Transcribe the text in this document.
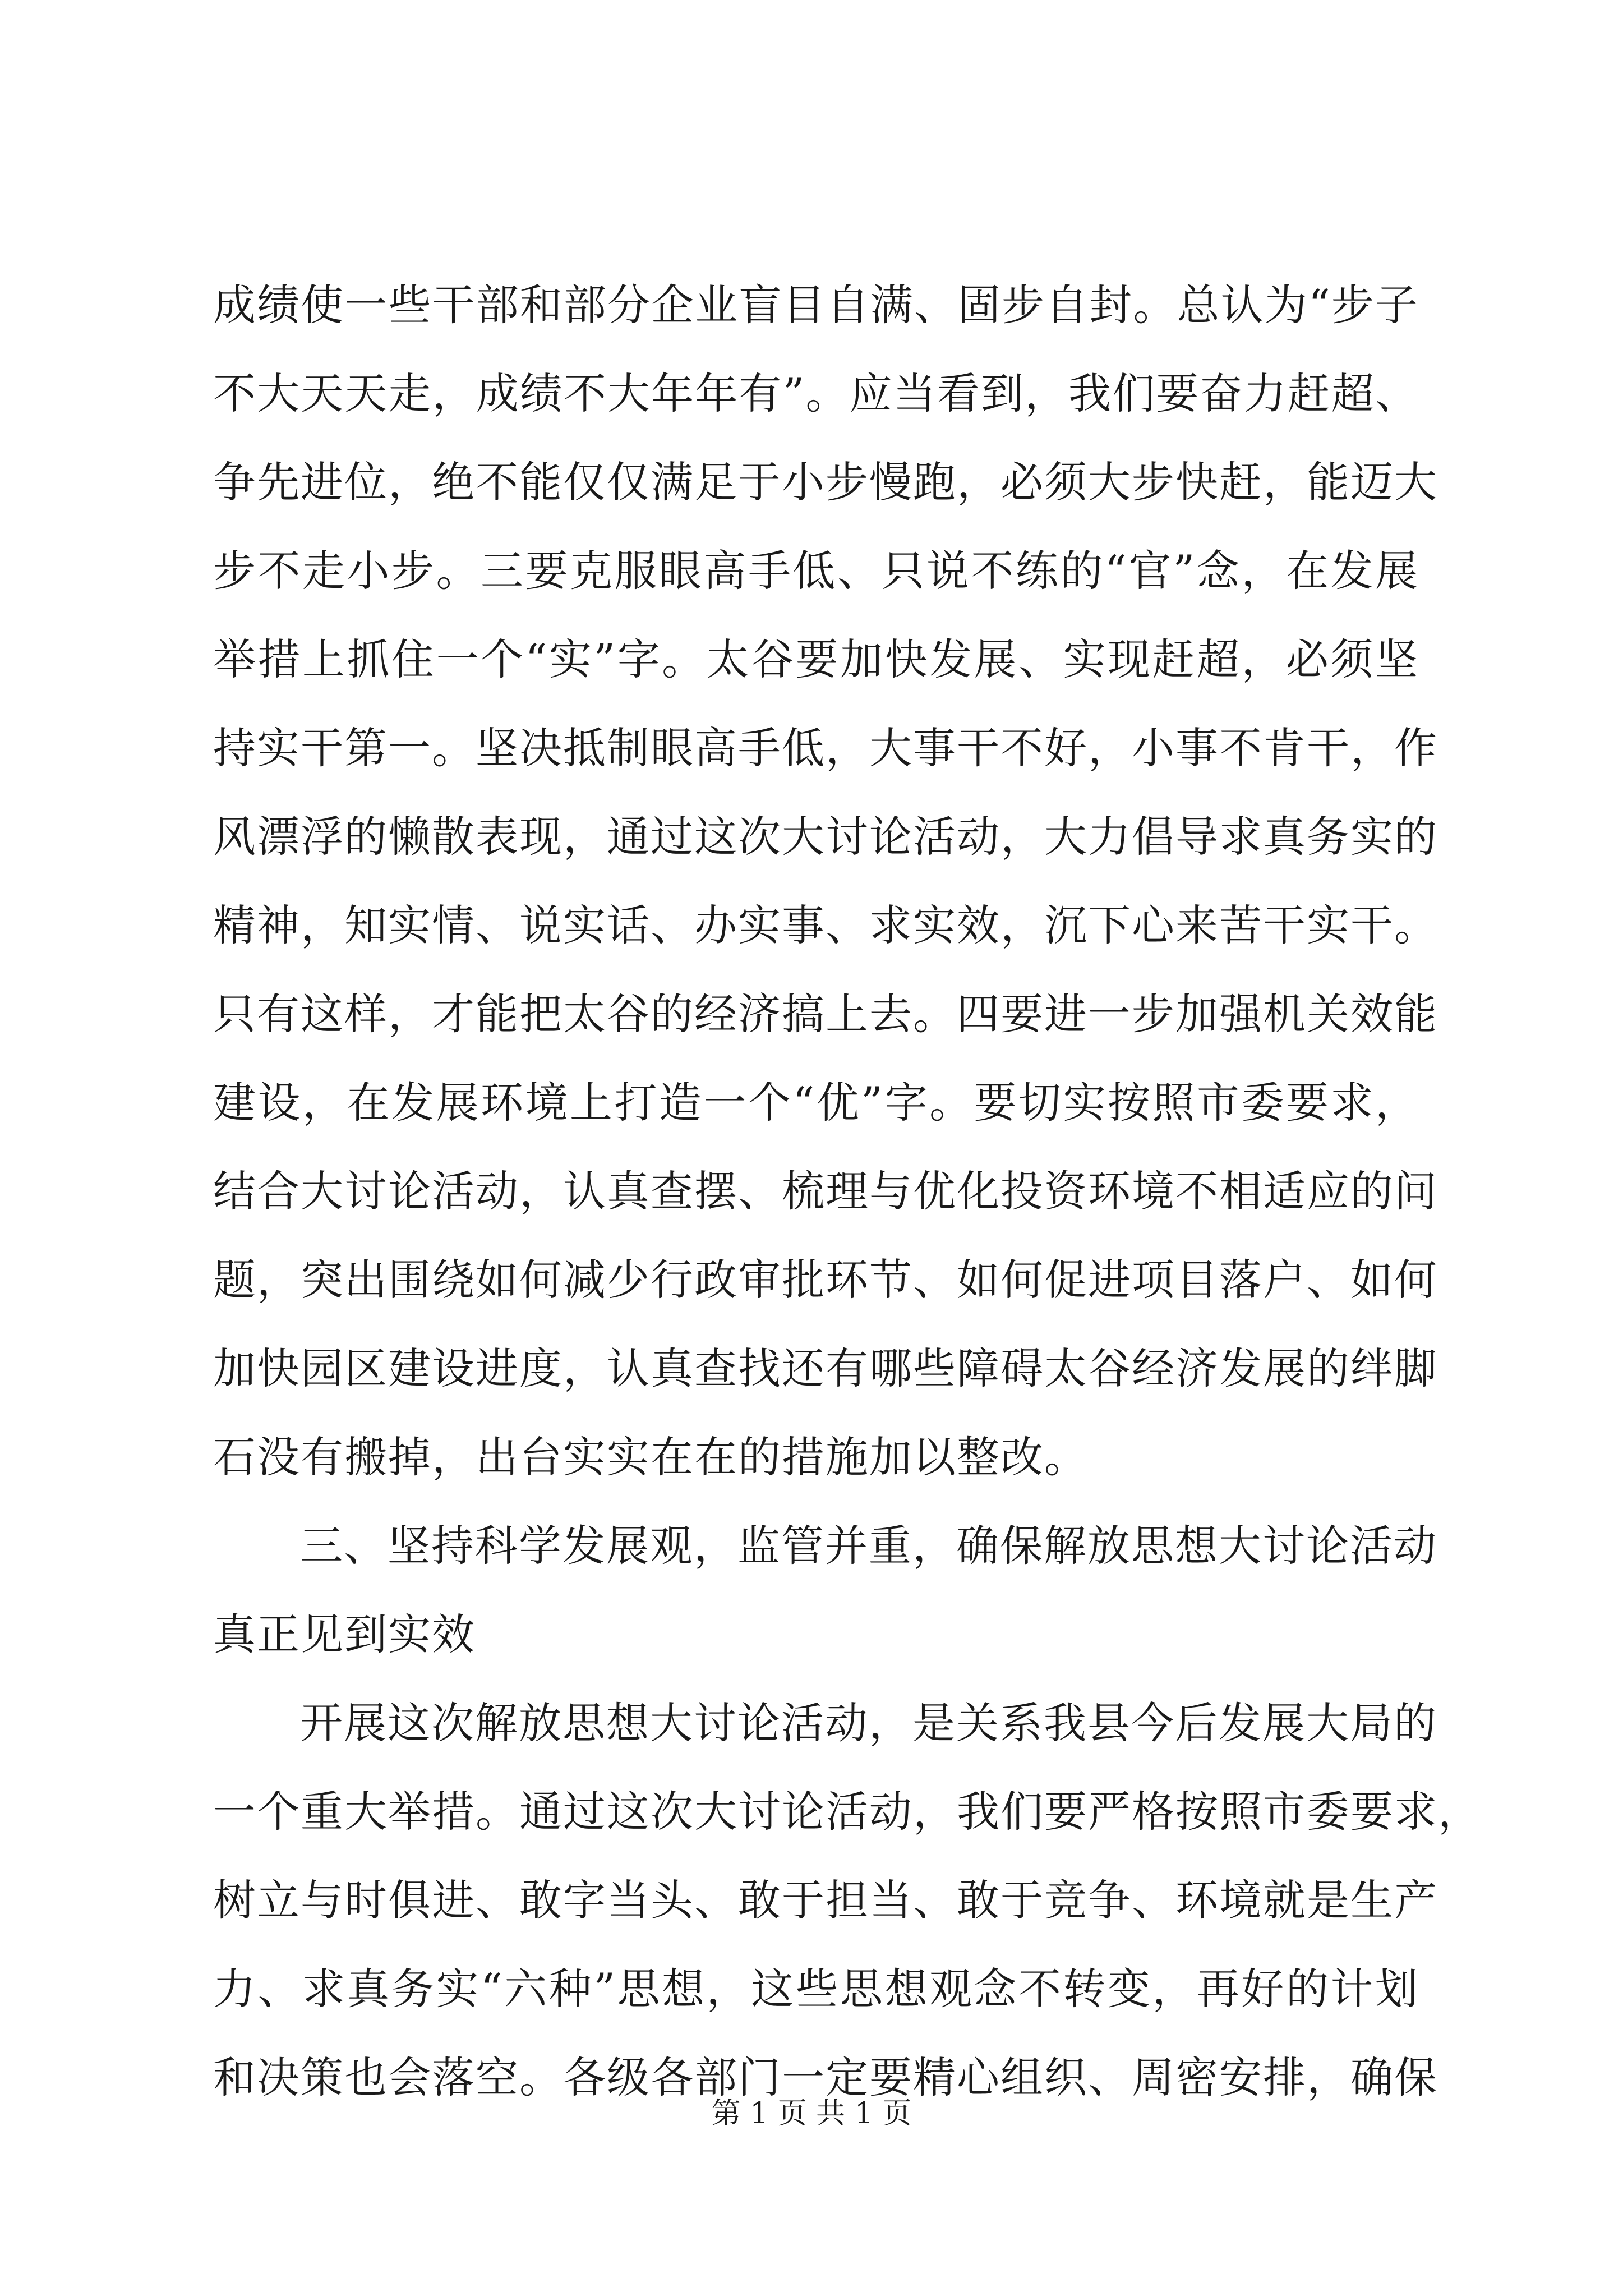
成绩使一些干部和部分企业盲目自满、固步自封。总认为“步子
不大天天走，成绩不大年年有”。应当看到，我们要奋力赶超、
争先进位，绝不能仅仅满足于小步慢跑，必须大步快赶，能迈大
步不走小步。三要克服眼高手低、只说不练的“官”念，在发展
举措上抓住一个“实”字。太谷要加快发展、实现赶超，必须坚
持实干第一。坚决抵制眼高手低，大事干不好，小事不肯干，作
风漂浮的懒散表现，通过这次大讨论活动，大力倡导求真务实的
精神，知实情、说实话、办实事、求实效，沉下心来苦干实干。
只有这样，才能把太谷的经济搞上去。四要进一步加强机关效能
建设，在发展环境上打造一个“优”字。要切实按照市委要求，
结合大讨论活动，认真查摆、梳理与优化投资环境不相适应的问
题，突出围绕如何减少行政审批环节、如何促进项目落户、如何
加快园区建设进度，认真查找还有哪些障碍太谷经济发展的绊脚
石没有搬掉，出台实实在在的措施加以整改。
三、坚持科学发展观，监管并重，确保解放思想大讨论活动
真正见到实效
开展这次解放思想大讨论活动，是关系我县今后发展大局的
一个重大举措。通过这次大讨论活动，我们要严格按照市委要求，
树立与时俱进、敢字当头、敢于担当、敢于竞争、环境就是生产
力、求真务实“六种”思想，这些思想观念不转变，再好的计划
和决策也会落空。各级各部门一定要精心组织、周密安排，确保
第 1 页 共 1 页
